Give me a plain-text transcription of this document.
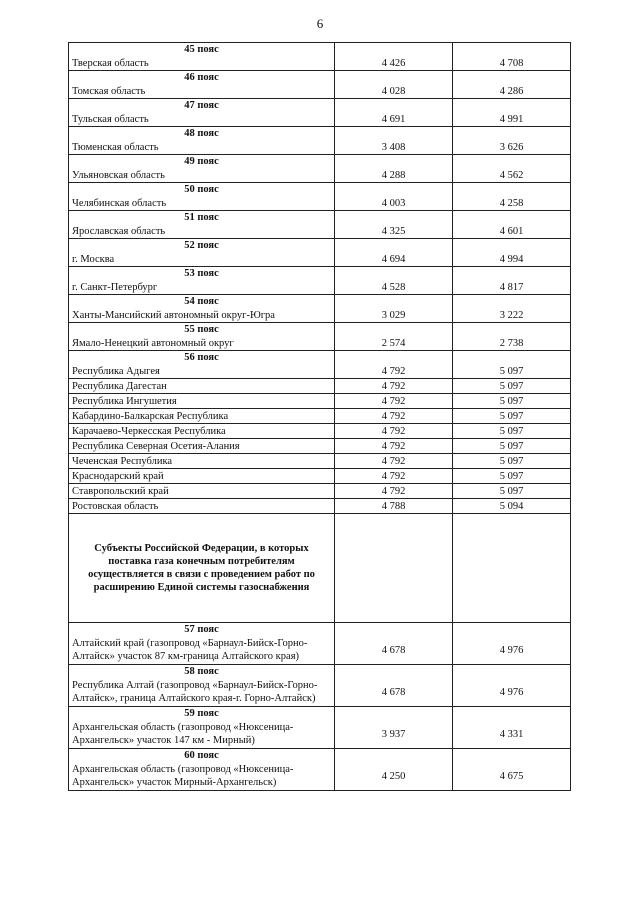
6
45 пояс		
Тверская область	4 426	4 708
46 пояс		
Томская область	4 028	4 286
47 пояс		
Тульская область	4 691	4 991
48 пояс		
Тюменская область	3 408	3 626
49 пояс		
Ульяновская область	4 288	4 562
50 пояс		
Челябинская область	4 003	4 258
51 пояс		
Ярославская область	4 325	4 601
52 пояс		
г. Москва	4 694	4 994
53 пояс		
г. Санкт-Петербург	4 528	4 817
54 пояс		
Ханты-Мансийский автономный округ-Югра	3 029	3 222
55 пояс		
Ямало-Ненецкий автономный округ	2 574	2 738
56 пояс		
Республика Адыгея	4 792	5 097
Республика Дагестан	4 792	5 097
Республика Ингушетия	4 792	5 097
Кабардино-Балкарская Республика	4 792	5 097
Карачаево-Черкесская Республика	4 792	5 097
Республика Северная Осетия-Алания	4 792	5 097
Чеченская Республика	4 792	5 097
Краснодарский край	4 792	5 097
Ставропольский край	4 792	5 097
Ростовская область	4 788	5 094
Субъекты Российской Федерации, в которых поставка газа конечным потребителям осуществляется в связи с проведением работ по расширению Единой системы газоснабжения		
57 пояс		
Алтайский край (газопровод «Барнаул-Бийск-Горно-Алтайск» участок 87 км-граница Алтайского края)	4 678	4 976
58 пояс		
Республика Алтай (газопровод «Барнаул-Бийск-Горно-Алтайск», граница Алтайского края-г. Горно-Алтайск)	4 678	4 976
59 пояс		
Архангельская область (газопровод «Нюксеница-Архангельск» участок 147 км - Мирный)	3 937	4 331
60 пояс		
Архангельская область (газопровод «Нюксеница-Архангельск» участок Мирный-Архангельск)	4 250	4 675
